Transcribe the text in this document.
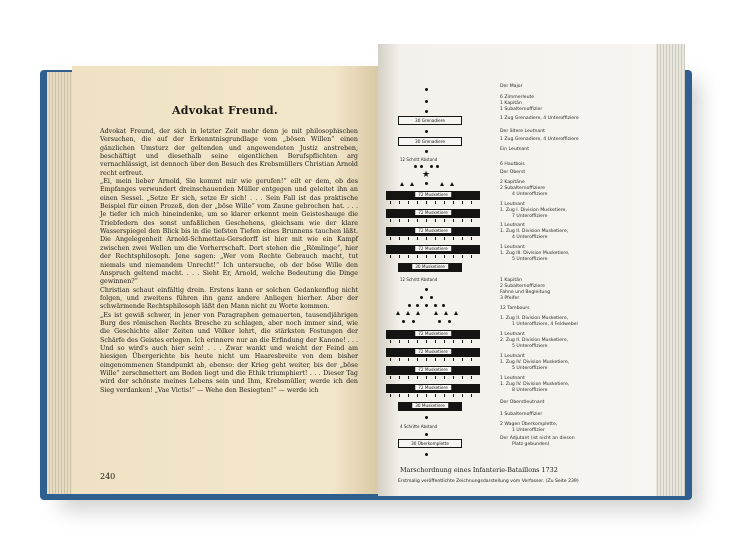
Advokat Freund.

Advokat Freund, der sich in letzter Zeit mehr denn je mit philosophischen Versuchen, die auf der Erkenntnisgrundlage vom „bösen Willen“ einen gänzlichen Umsturz der geltenden und angewendeten Justiz anstreben, beschäftigt und diesethalb seine eigentlichen Berufspflichten arg vernachlässigt, ist dennoch über den Besuch des Krebsmüllers Christian Arnold recht erfreut.

„Ei, mein lieber Arnold, Sie kommt mir wie gerufen!“ eilt er dem, ob des Empfanges verwundert dreinschauenden Müller entgegen und geleitet ihn an einen Sessel. „Setze Er sich, setze Er sich! . . . Sein Fall ist das praktische Beispiel für einen Prozeß, den der „böse Wille“ vom Zaune gebrochen hat. . . . Je tiefer ich mich hineindenke, um so klarer erkennt mein Geisteshauge die Triebfedern des sonst unfaßlichen Geschehens, gleichsam wie der klare Wasserspiegel den Blick bis in die tiefsten Tiefen eines Brunnens tauchen läßt. Die Angelegenheit Arnold-Schmettau-Gersdorff ist hier mit wie ein Kampf zwischen zwei Wellen um die Vorherrschaft. Dort stehen die „Römlinge“, hier der Rechtsphilosoph. Jene sagen: „Wer vom Rechte Gebrauch macht, tut niemals und niemandem Unrecht!“ Ich untersuche, ob der böse Wille den Anspruch geltend macht. . . . Sieht Er, Arnold, welche Bedeutung die Dinge gewinnen?“

Christian schaut einfältig drein. Erstens kann er solchen Gedankenflug nicht folgen, und zweitens führen ihn ganz andere Anliegen hierher. Aber der schwärmende Rechtsphilosoph läßt den Mann nicht zu Worte kommen.

„Es ist gewiß schwer, in jener von Paragraphen gemauerten, tausendjährigen Burg des römischen Rechts Bresche zu schlagen, aber noch immer sind, wie die Geschichte aller Zeiten und Völker lehrt, die stärksten Festungen der Schärfe des Geistes erlegen. Ich erinnere nur an die Erfindung der Kanone! . . . Und so wird's auch hier sein! . . . Zwar wankt und weicht der Feind am hiesigen Übergerichte bis heute nicht um Haaresbreite von dem bisher eingenommenen Standpunkt ab, ebenso: der Krieg geht weiter, bis der „böse Wille“ zerschmettert am Boden liegt und die Ethik triumphiert! . . . Dieser Tag wird der schönste meines Lebens sein und Ihm, Krebsmüller, werde ich den Sieg verdanken! „Vae Victis!“ — Wehe den Besiegten!“ — werde ich

240
30 Grenadiere
30 Grenadiere
12 Schritt Abstand
★
72 Musketiere
72 Musketiere
72 Musketiere
72 Musketiere
30 Musketiere
12 Schritt Abstand
72 Musketiere
72 Musketiere
72 Musketiere
72 Musketiere
30 Musketiere
4 Schritte Abstand
30 Überkomplette
Der Major
6 Zimmerleute
1 Kapitän
1 Subalternoffizier
1 Zug Grenadiere, 4 Unteroffiziere
Der ältere Leutnant
1 Zug Grenadiere, 4 Unteroffiziere
Ein Leutnant
6 Hautbois
Der Oberst
2 Kapitäne
2 Subalternoffiziere
4 Unteroffiziere
1 Leutnant
1. Zug I. Division Musketiere,
7 Unteroffiziere
1 Leutnant
1. Zug II. Division Musketiere,
4 Unteroffiziere
1 Leutnant
1. Zug III. Division Musketiere,
5 Unteroffiziere
1 Kapitän
2 Subalternoffiziere
Fahne und Begleitung
3 Pfeifer
12 Tambours
1. Zug II. Division Musketiere,
1 Unteroffiziere, 4 Feldwebel
1 Leutnant
2. Zug II. Division Musketiere,
5 Unteroffiziere
1 Leutnant
1. Zug IV. Division Musketiere,
5 Unteroffiziere
1 Leutnant
1. Zug IV. Division Musketiere,
8 Unteroffiziere
Der Oberstleutnant
1 Subalternoffizier
2 Wagen Überkomplette,
1 Unteroffizier
Der Adjutant (ist nicht an diesen
Platz gebunden)
Marschordnung eines Infanterie-Bataillons 1732
Erstmalig veröffentlichte Zeichnungsdarstellung vom Verfasser. (Zu Seite 239)
